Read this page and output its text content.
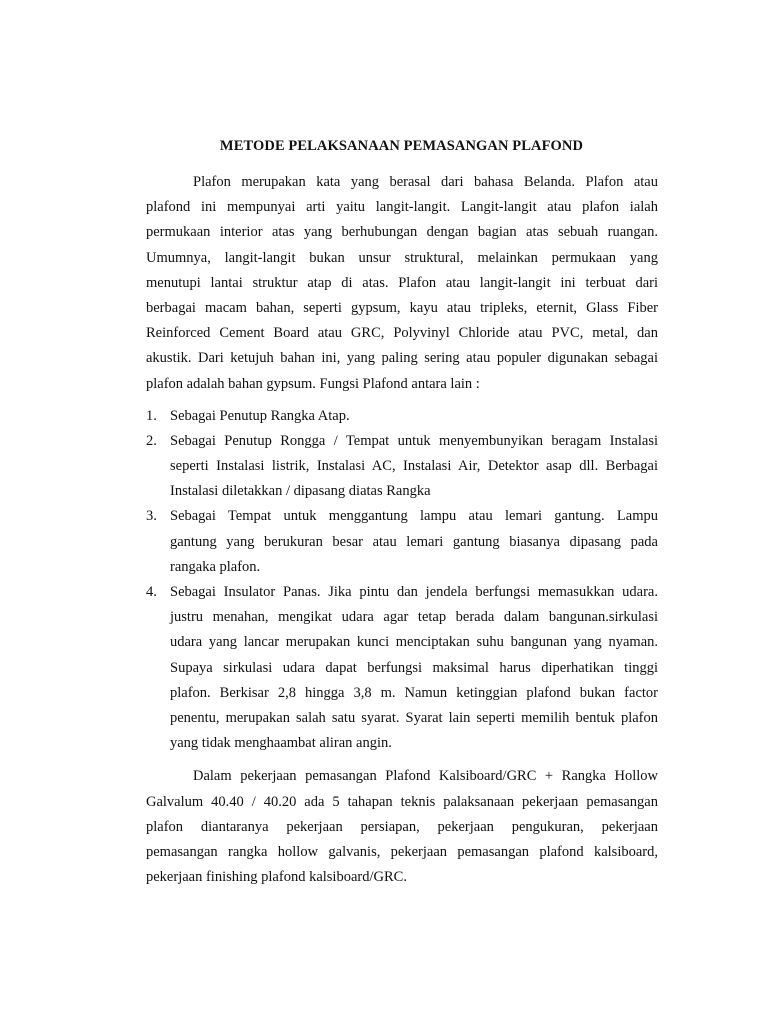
METODE PELAKSANAAN PEMASANGAN PLAFOND
Plafon merupakan kata yang berasal dari bahasa Belanda. Plafon atau
plafond ini mempunyai arti yaitu langit-langit. Langit-langit atau plafon ialah
permukaan interior atas yang berhubungan dengan bagian atas sebuah ruangan.
Umumnya, langit-langit bukan unsur struktural, melainkan permukaan yang
menutupi lantai struktur atap di atas. Plafon atau langit-langit ini terbuat dari
berbagai macam bahan, seperti gypsum, kayu atau tripleks, eternit, Glass Fiber
Reinforced Cement Board atau GRC, Polyvinyl Chloride atau PVC, metal, dan
akustik. Dari ketujuh bahan ini, yang paling sering atau populer digunakan sebagai
plafon adalah bahan gypsum. Fungsi Plafond antara lain :
1. Sebagai Penutup Rangka Atap.
2. Sebagai Penutup Rongga / Tempat untuk menyembunyikan beragam Instalasi
seperti Instalasi listrik, Instalasi AC, Instalasi Air, Detektor asap dll. Berbagai
Instalasi diletakkan / dipasang diatas Rangka
3. Sebagai Tempat untuk menggantung lampu atau lemari gantung. Lampu
gantung yang berukuran besar atau lemari gantung biasanya dipasang pada
rangaka plafon.
4. Sebagai Insulator Panas. Jika pintu dan jendela berfungsi memasukkan udara.
justru menahan, mengikat udara agar tetap berada dalam bangunan.sirkulasi
udara yang lancar merupakan kunci menciptakan suhu bangunan yang nyaman.
Supaya sirkulasi udara dapat berfungsi maksimal harus diperhatikan tinggi
plafon. Berkisar 2,8 hingga 3,8 m. Namun ketinggian plafond bukan factor
penentu, merupakan salah satu syarat. Syarat lain seperti memilih bentuk plafon
yang tidak menghaambat aliran angin.
Dalam pekerjaan pemasangan Plafond Kalsiboard/GRC + Rangka Hollow
Galvalum 40.40 / 40.20 ada 5 tahapan teknis palaksanaan pekerjaan pemasangan
plafon diantaranya pekerjaan persiapan, pekerjaan pengukuran, pekerjaan
pemasangan rangka hollow galvanis, pekerjaan pemasangan plafond kalsiboard,
pekerjaan finishing plafond kalsiboard/GRC.
